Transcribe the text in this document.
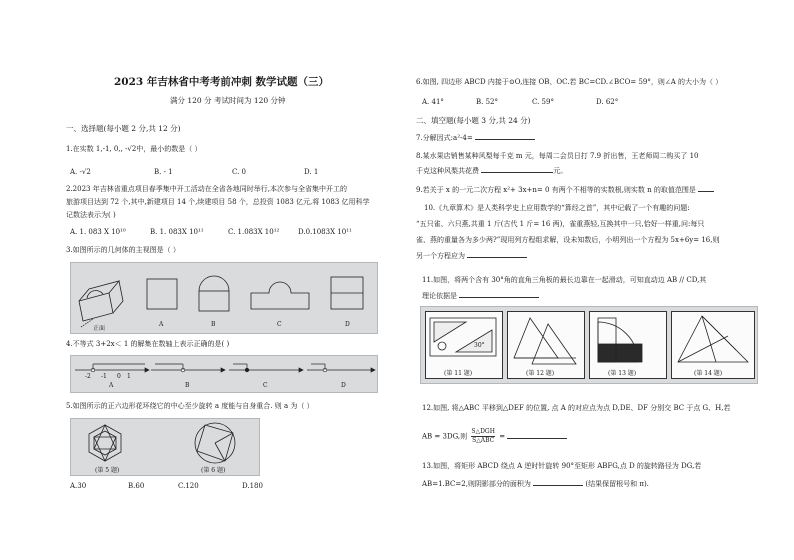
2023 年吉林省中考考前冲刺 数学试题（三）
满分 120 分 考试时间为 120 分钟
一、选择题(每小题 2 分,共 12 分)
1.在实数 1,-1, 0,, -√2中，最小的数是（ ）
A. -√2	B. - 1	C. 0	D. 1
2.2023 年吉林省重点项目春季集中开工活动在全省各地同时举行,本次参与全省集中开工的
旅游项目达到 72 个,其中,新建项目 14 个,续建项目 58 个，总投资 1083 亿元,将 1083 亿用科学
记数法表示为( )
A. 1. 083 X 10¹⁰	B. 1. 083X 10¹¹	C. 1.083X 10¹²	D.0.1083X 10¹¹
3.如图所示的几何体的主视图是（ ）
正面
A	B	C	D
4.不等式 3+2x＜ 1 的解集在数轴上表示正确的是( )
-2 -1 0 1
A	B	C	D
5.如图所示的正六边形花环绕它的中心至少旋转 a 度能与自身重合. 则 a 为（ ）
(第 5 题)	(第 6 题)
A.30	B.60	C.120	D.180
6.如图, 四边形 ABCD 内接于⊙O,连接 OB、OC.若 BC=CD.∠BCO= 59°，则∠A 的大小为（ ）
A. 41°	B. 52°	C. 59°	D. 62°
二、填空题(每小题 3 分,共 24 分)
7.分解因式:a²-4=
8.某水果店销售某种风梨每千克 m 元，每周二会员日打 7.9 折出售，王老师周二购买了 10
千克这种风梨共花费	元。
9.若关于 x 的一元二次方程 x²+ 3x+n= 0 有两个不相等的实数根,则实数 n 的取值范围是
10.《九章算术》是人类科学史上应用数学的“算经之首”，其中记载了一个有趣的问题:
“五只雀、六只燕,共重 1 斤(古代 1 斤= 16 两)，雀重燕轻,互换其中一只,恰好一样重,问:每只
雀、燕的重量各为多少两?”现用列方程组求解，设未知数后，小明列出一个方程为 5x+6y= 16,则
另一个方程应为
11.如图，将两个含有 30°角的直角三角板的最长边靠在一起滑动，可知直动边 AB // CD,其
理论依据是
30°
(第 11 题)	(第 12 题)	(第 13 题)	(第 14 题)
12.如图, 将△ABC 平移到△DEF 的位置, 点 A 的对应点为点 D,DE、DF 分别交 BC 于点 G、H,若
AB = 3DG,则
S△DGH
S△ABC =
13.如图，将矩形 ABCD 绕点 A 逆时针旋转 90°至矩形 ABFG,点 D 的旋转路径为 DG,若
AB=1.BC=2,则阴影部分的面积为	(结果保留根号和 π).
